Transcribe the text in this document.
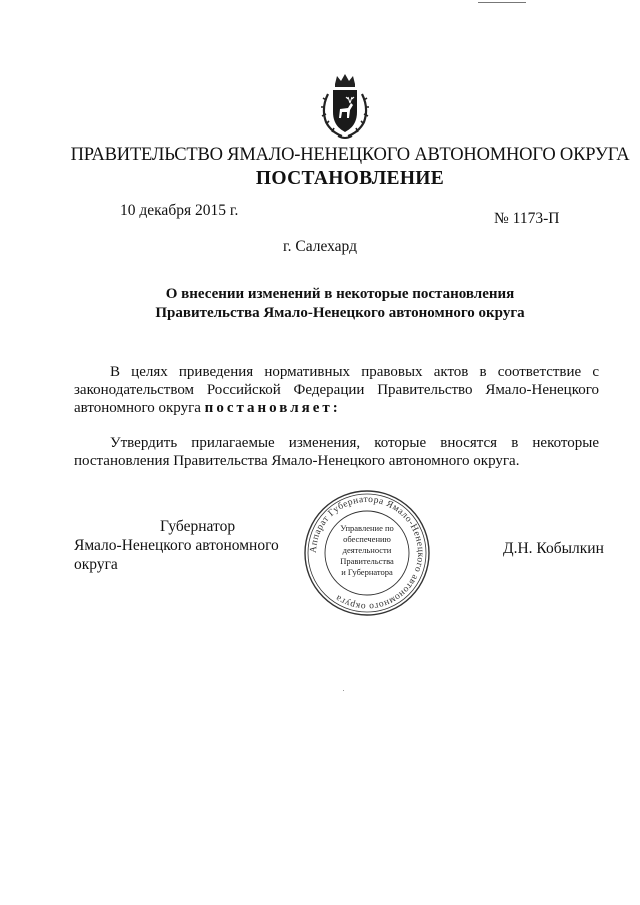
ПРАВИТЕЛЬСТВО ЯМАЛО-НЕНЕЦКОГО АВТОНОМНОГО ОКРУГА
ПОСТАНОВЛЕНИЕ
10 декабря 2015 г.	№ 1173-П
г. Салехард
О внесении изменений в некоторые постановления
Правительства Ямало-Ненецкого автономного округа
В целях приведения нормативных правовых актов в соответствие с
законодательством Российской Федерации Правительство Ямало-Ненецкого
автономного округа постановляет:
Утвердить прилагаемые изменения, которые вносятся в некоторые
постановления Правительства Ямало-Ненецкого автономного округа.
Губернатор
Ямало-Ненецкого автономного округа
Аппарат Губернатора Ямало-Ненецкого автономного округа
Управление по
обеспечению
деятельности
Правительства
и Губернатора
Д.Н. Кобылкин
